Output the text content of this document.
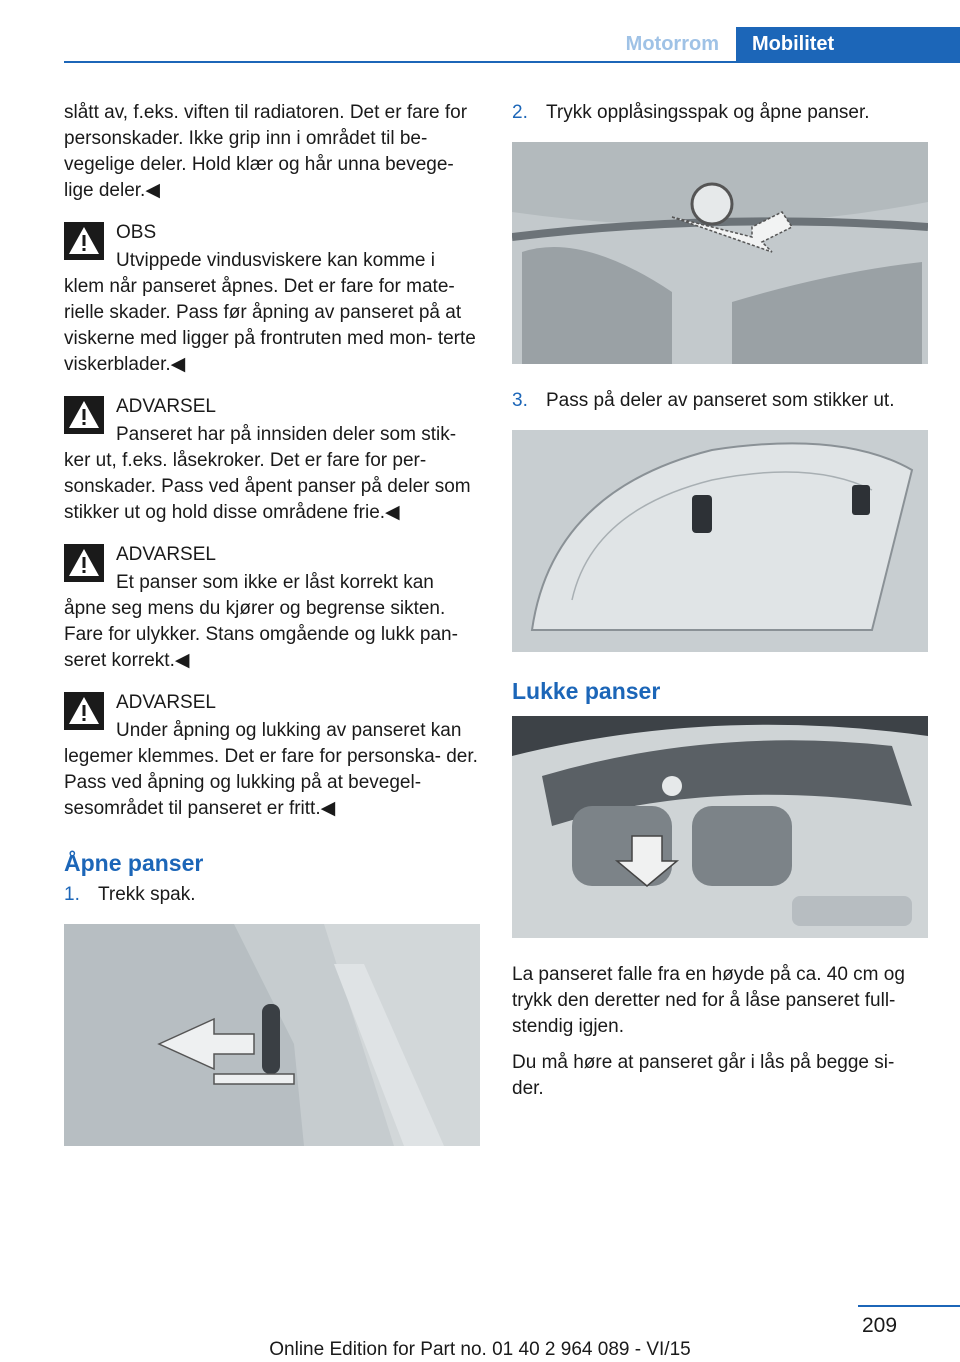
Motorrom	Mobilitet

slått av, f.eks. viften til radiatoren. Det er fare for personskader. Ikke grip inn i området til be‐ vegelige deler. Hold klær og hår unna bevege‐ lige deler.◀

OBS
Utvippede vindusviskere kan komme i

klem når panseret åpnes. Det er fare for mate‐ rielle skader. Pass før åpning av panseret på at viskerne med ligger på frontruten med mon‐ terte viskerblader.◀

ADVARSEL
Panseret har på innsiden deler som stik‐

ker ut, f.eks. låsekroker. Det er fare for per‐ sonskader. Pass ved åpent panser på deler som stikker ut og hold disse områdene frie.◀

ADVARSEL
Et panser som ikke er låst korrekt kan

åpne seg mens du kjører og begrense sikten. Fare for ulykker. Stans omgående og lukk pan‐ seret korrekt.◀

ADVARSEL
Under åpning og lukking av panseret kan

legemer klemmes. Det er fare for personska‐ der. Pass ved åpning og lukking på at bevegel‐ sesområdet til panseret er fritt.◀

Åpne panser
1. Trekk spak.
2. Trykk opplåsingsspak og åpne panser.
3. Pass på deler av panseret som stikker ut.
Lukke panser

La panseret falle fra en høyde på ca. 40 cm og trykk den deretter ned for å låse panseret full‐ stendig igjen.

Du må høre at panseret går i lås på begge si‐ der.

209
Online Edition for Part no. 01 40 2 964 089 - VI/15
